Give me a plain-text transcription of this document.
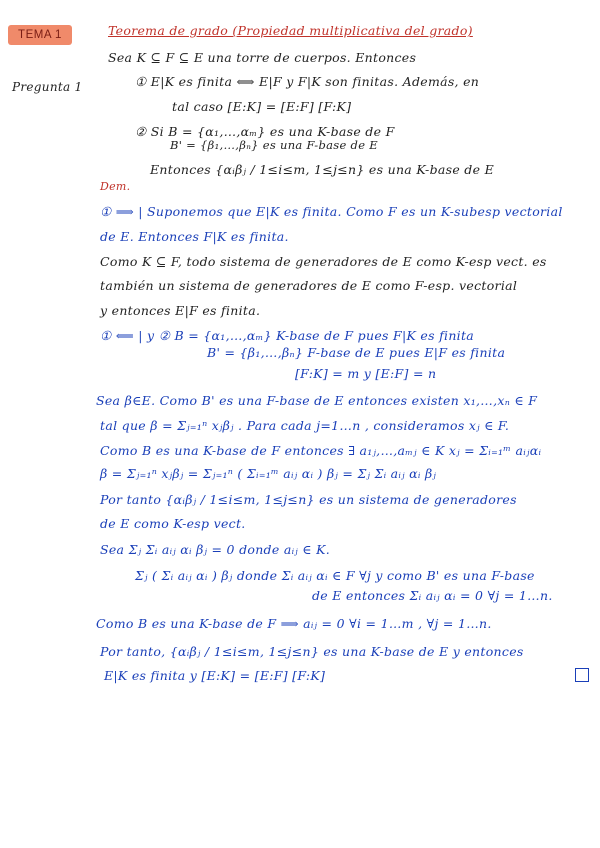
TEMA 1	Teorema de grado (Propiedad multiplicativa del grado)
Sea K ⊆ F ⊆ E una torre de cuerpos. Entonces
Pregunta 1	① E|K es finita ⟺ E|F y F|K son finitas. Además, en
tal caso [E:K] = [E:F] [F:K]
② Si B = {α₁,…,αₘ} es una K-base de F
B' = {β₁,…,βₙ} es una F-base de E
Entonces {αᵢβⱼ / 1≤i≤m, 1≤j≤n} es una K-base de E
Dem.
① ⟹ | Suponemos que E|K es finita. Como F es un K-subesp vectorial
de E. Entonces F|K es finita.
Como K ⊆ F, todo sistema de generadores de E como K-esp vect. es
también un sistema de generadores de E como F-esp. vectorial
y entonces E|F es finita.
① ⟸ | y ② B = {α₁,…,αₘ} K-base de F pues F|K es finita
B' = {β₁,…,βₙ} F-base de E pues E|F es finita
[F:K] = m y [E:F] = n
Sea β∈E. Como B' es una F-base de E entonces existen x₁,…,xₙ ∈ F
tal que β = Σⱼ₌₁ⁿ xⱼβⱼ . Para cada j=1…n , consideramos xⱼ ∈ F.
Como B es una K-base de F entonces ∃ a₁ⱼ,…,aₘⱼ ∈ K xⱼ = Σᵢ₌₁ᵐ aᵢⱼαᵢ
β = Σⱼ₌₁ⁿ xⱼβⱼ = Σⱼ₌₁ⁿ ( Σᵢ₌₁ᵐ aᵢⱼ αᵢ ) βⱼ = Σⱼ Σᵢ aᵢⱼ αᵢ βⱼ
Por tanto {αᵢβⱼ / 1≤i≤m, 1≤j≤n} es un sistema de generadores
de E como K-esp vect.
Sea Σⱼ Σᵢ aᵢⱼ αᵢ βⱼ = 0 donde aᵢⱼ ∈ K.
Σⱼ ( Σᵢ aᵢⱼ αᵢ ) βⱼ donde Σᵢ aᵢⱼ αᵢ ∈ F ∀j y como B' es una F-base
de E entonces Σᵢ aᵢⱼ αᵢ = 0 ∀j = 1…n.
Como B es una K-base de F ⟹ aᵢⱼ = 0 ∀i = 1…m , ∀j = 1…n.
Por tanto, {αᵢβⱼ / 1≤i≤m, 1≤j≤n} es una K-base de E y entonces
E|K es finita y [E:K] = [E:F] [F:K]
